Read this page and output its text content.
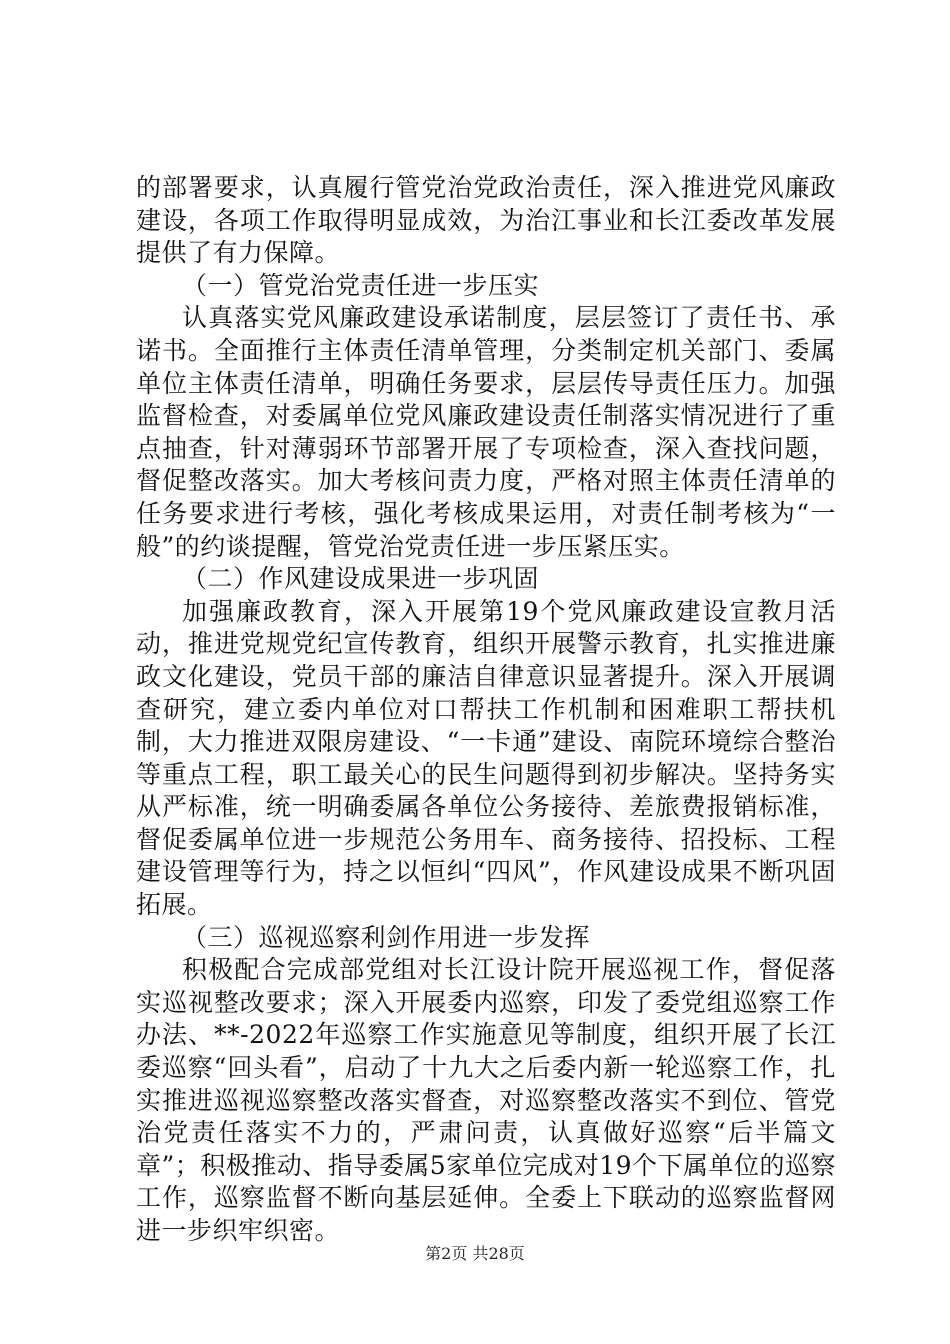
的部署要求，认真履行管党治党政治责任，深入推进党风廉政建设，各项工作取得明显成效，为治江事业和长江委改革发展提供了有力保障。

（一）管党治党责任进一步压实

认真落实党风廉政建设承诺制度，层层签订了责任书、承诺书。全面推行主体责任清单管理，分类制定机关部门、委属单位主体责任清单，明确任务要求，层层传导责任压力。加强监督检查，对委属单位党风廉政建设责任制落实情况进行了重点抽查，针对薄弱环节部署开展了专项检查，深入查找问题，督促整改落实。加大考核问责力度，严格对照主体责任清单的任务要求进行考核，强化考核成果运用，对责任制考核为“一般”的约谈提醒，管党治党责任进一步压紧压实。

（二）作风建设成果进一步巩固

加强廉政教育，深入开展第19个党风廉政建设宣教月活动，推进党规党纪宣传教育，组织开展警示教育，扎实推进廉政文化建设，党员干部的廉洁自律意识显著提升。深入开展调查研究，建立委内单位对口帮扶工作机制和困难职工帮扶机制，大力推进双限房建设、“一卡通”建设、南院环境综合整治等重点工程，职工最关心的民生问题得到初步解决。坚持务实从严标准，统一明确委属各单位公务接待、差旅费报销标准，督促委属单位进一步规范公务用车、商务接待、招投标、工程建设管理等行为，持之以恒纠“四风”，作风建设成果不断巩固拓展。

（三）巡视巡察利剑作用进一步发挥

积极配合完成部党组对长江设计院开展巡视工作，督促落实巡视整改要求；深入开展委内巡察，印发了委党组巡察工作办法、**-2022年巡察工作实施意见等制度，组织开展了长江委巡察“回头看”，启动了十九大之后委内新一轮巡察工作，扎实推进巡视巡察整改落实督查，对巡察整改落实不到位、管党治党责任落实不力的，严肃问责，认真做好巡察“后半篇文章”；积极推动、指导委属5家单位完成对19个下属单位的巡察工作，巡察监督不断向基层延伸。全委上下联动的巡察监督网进一步织牢织密。

第2页 共28页
